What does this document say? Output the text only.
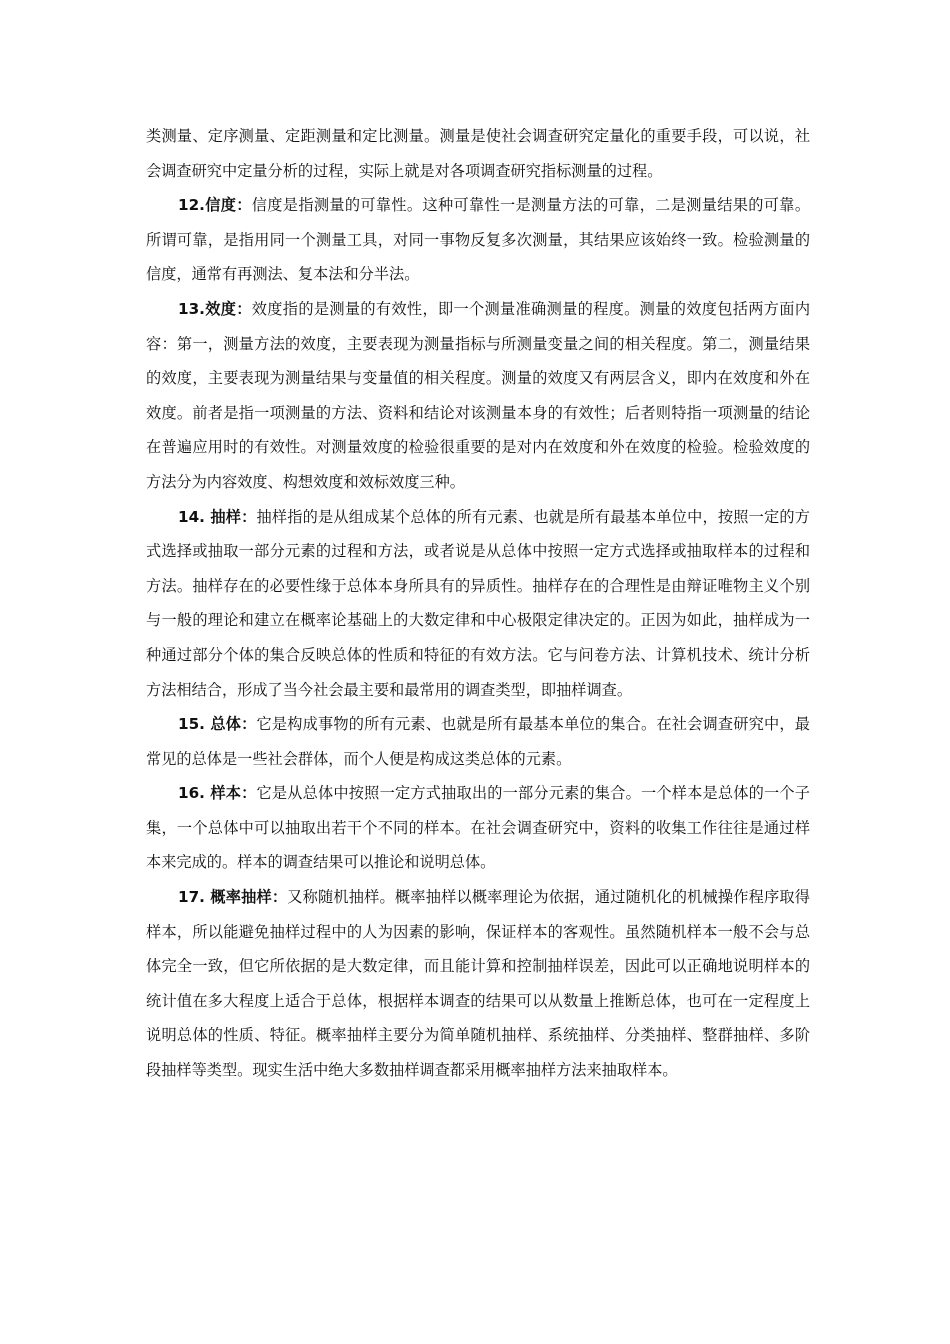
类测量、定序测量、定距测量和定比测量。测量是使社会调查研究定量化的重要手段，可以说，社会调查研究中定量分析的过程，实际上就是对各项调查研究指标测量的过程。

12.信度：信度是指测量的可靠性。这种可靠性一是测量方法的可靠，二是测量结果的可靠。所谓可靠，是指用同一个测量工具，对同一事物反复多次测量，其结果应该始终一致。检验测量的信度，通常有再测法、复本法和分半法。

13.效度：效度指的是测量的有效性，即一个测量准确测量的程度。测量的效度包括两方面内容：第一，测量方法的效度，主要表现为测量指标与所测量变量之间的相关程度。第二，测量结果的效度，主要表现为测量结果与变量值的相关程度。测量的效度又有两层含义，即内在效度和外在效度。前者是指一项测量的方法、资料和结论对该测量本身的有效性；后者则特指一项测量的结论在普遍应用时的有效性。对测量效度的检验很重要的是对内在效度和外在效度的检验。检验效度的方法分为内容效度、构想效度和效标效度三种。

14. 抽样：抽样指的是从组成某个总体的所有元素、也就是所有最基本单位中，按照一定的方式选择或抽取一部分元素的过程和方法，或者说是从总体中按照一定方式选择或抽取样本的过程和方法。抽样存在的必要性缘于总体本身所具有的异质性。抽样存在的合理性是由辩证唯物主义个别与一般的理论和建立在概率论基础上的大数定律和中心极限定律决定的。正因为如此，抽样成为一种通过部分个体的集合反映总体的性质和特征的有效方法。它与问卷方法、计算机技术、统计分析方法相结合，形成了当今社会最主要和最常用的调查类型，即抽样调查。

15. 总体：它是构成事物的所有元素、也就是所有最基本单位的集合。在社会调查研究中，最常见的总体是一些社会群体，而个人便是构成这类总体的元素。

16. 样本：它是从总体中按照一定方式抽取出的一部分元素的集合。一个样本是总体的一个子集，一个总体中可以抽取出若干个不同的样本。在社会调查研究中，资料的收集工作往往是通过样本来完成的。样本的调查结果可以推论和说明总体。

17. 概率抽样：又称随机抽样。概率抽样以概率理论为依据，通过随机化的机械操作程序取得样本，所以能避免抽样过程中的人为因素的影响，保证样本的客观性。虽然随机样本一般不会与总体完全一致，但它所依据的是大数定律，而且能计算和控制抽样误差，因此可以正确地说明样本的统计值在多大程度上适合于总体，根据样本调查的结果可以从数量上推断总体，也可在一定程度上说明总体的性质、特征。概率抽样主要分为简单随机抽样、系统抽样、分类抽样、整群抽样、多阶段抽样等类型。现实生活中绝大多数抽样调查都采用概率抽样方法来抽取样本。
